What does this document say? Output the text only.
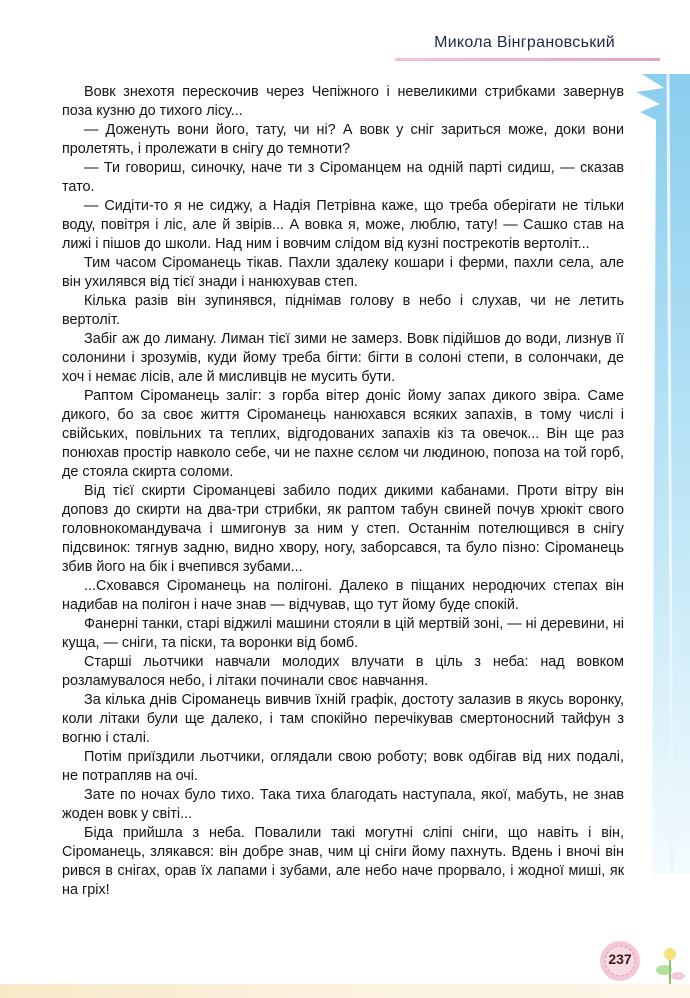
Микола Вінграновський

Вовк знехотя перескочив через Чепіжного і невеликими стрибками завернув поза кузню до тихого лісу...

— Доженуть вони його, тату, чи ні? А вовк у сніг зариться може, доки вони пролетять, і пролежати в снігу до темноти?

— Ти говориш, синочку, наче ти з Сіроманцем на одній парті сидиш, — сказав тато.

— Сидіти-то я не сиджу, а Надія Петрівна каже, що треба оберігати не тільки воду, повітря і ліс, але й звірів... А вовка я, може, люблю, тату! — Сашко став на лижі і пішов до школи. Над ним і вовчим слідом від кузні пострекотів вертоліт...

Тим часом Сіроманець тікав. Пахли здалеку кошари і ферми, пахли села, але він ухилявся від тієї знади і нанюхував степ.

Кілька разів він зупинявся, піднімав голову в небо і слухав, чи не летить вертоліт.

Забіг аж до лиману. Лиман тієї зими не замерз. Вовк підійшов до води, лизнув її солонини і зрозумів, куди йому треба бігти: бігти в солоні степи, в солончаки, де хоч і немає лісів, але й мисливців не мусить бути.

Раптом Сіроманець заліг: з горба вітер доніс йому запах дикого звіра. Саме дикого, бо за своє життя Сіроманець нанюхався всяких запахів, в тому числі і свійських, повільних та теплих, відгодованих запахів кіз та овечок... Він ще раз понюхав простір навколо себе, чи не пахне сєлом чи людиною, попоза на той горб, де стояла скирта соломи.

Від тієї скирти Сіроманцеві забило подих дикими кабанами. Проти вітру він доповз до скирти на два-три стрибки, як раптом табун свиней почув хрюкіт свого головнокомандувача і шмигонув за ним у степ. Останнім потелющився в снігу підсвинок: тягнув задню, видно хвору, ногу, заборсався, та було пізно: Сіроманець збив його на бік і вчепився зубами...

...Сховався Сіроманець на полігоні. Далеко в піщаних неродючих степах він надибав на полігон і наче знав — відчував, що тут йому буде спокій.

Фанерні танки, старі віджилі машини стояли в цій мертвій зоні, — ні деревини, ні куща, — сніги, та піски, та воронки від бомб.

Старші льотчики навчали молодих влучати в ціль з неба: над вовком розламувалося небо, і літаки починали своє навчання.

За кілька днів Сіроманець вивчив їхній графік, достоту залазив в якусь воронку, коли літаки були ще далеко, і там спокійно перечікував смертоносний тайфун з вогню і сталі.

Потім приїздили льотчики, оглядали свою роботу; вовк одбігав від них подалі, не потрапляв на очі.

Зате по ночах було тихо. Така тиха благодать наступала, якої, мабуть, не знав жоден вовк у світі...

Біда прийшла з неба. Повалили такі могутні сліпі сніги, що навіть і він, Сіроманець, злякався: він добре знав, чим ці сніги йому пахнуть. Вдень і вночі він рився в снігах, орав їх лапами і зубами, але небо наче прорвало, і жодної миші, як на гріх!

237
